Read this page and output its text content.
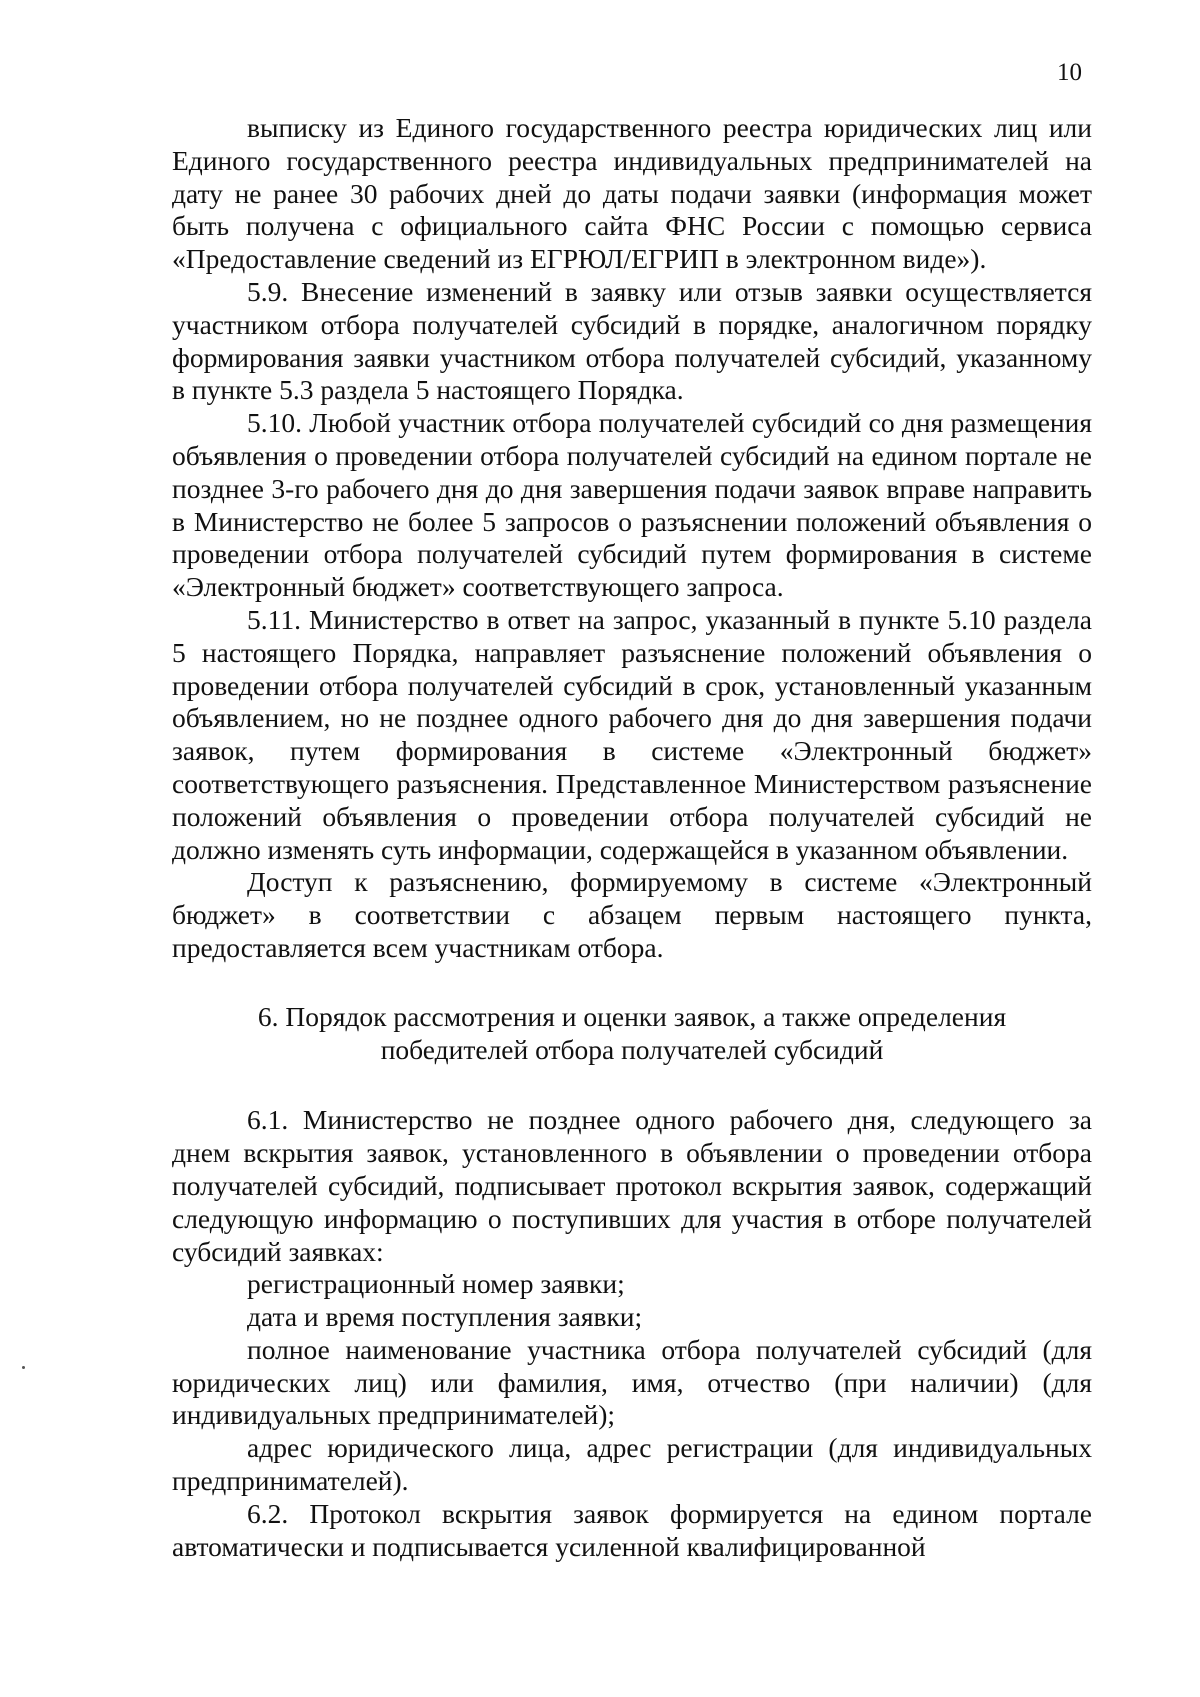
10

выписку из Единого государственного реестра юридических лиц или Единого государственного реестра индивидуальных предпринимателей на дату не ранее 30 рабочих дней до даты подачи заявки (информация может быть получена с официального сайта ФНС России с помощью сервиса «Предоставление сведений из ЕГРЮЛ/ЕГРИП в электронном виде»).

5.9. Внесение изменений в заявку или отзыв заявки осуществляется участником отбора получателей субсидий в порядке, аналогичном порядку формирования заявки участником отбора получателей субсидий, указанному в пункте 5.3 раздела 5 настоящего Порядка.

5.10. Любой участник отбора получателей субсидий со дня размещения объявления о проведении отбора получателей субсидий на едином портале не позднее 3-го рабочего дня до дня завершения подачи заявок вправе направить в Министерство не более 5 запросов о разъяснении положений объявления о проведении отбора получателей субсидий путем формирования в системе «Электронный бюджет» соответствующего запроса.

5.11. Министерство в ответ на запрос, указанный в пункте 5.10 раздела 5 настоящего Порядка, направляет разъяснение положений объявления о проведении отбора получателей субсидий в срок, установленный указанным объявлением, но не позднее одного рабочего дня до дня завершения подачи заявок, путем формирования в системе «Электронный бюджет» соответствующего разъяснения. Представленное Министерством разъяснение положений объявления о проведении отбора получателей субсидий не должно изменять суть информации, содержащейся в указанном объявлении.

Доступ к разъяснению, формируемому в системе «Электронный бюджет» в соответствии с абзацем первым настоящего пункта, предоставляется всем участникам отбора.

6. Порядок рассмотрения и оценки заявок, а также определения
победителей отбора получателей субсидий

6.1. Министерство не позднее одного рабочего дня, следующего за днем вскрытия заявок, установленного в объявлении о проведении отбора получателей субсидий, подписывает протокол вскрытия заявок, содержащий следующую информацию о поступивших для участия в отборе получателей субсидий заявках:

регистрационный номер заявки;

дата и время поступления заявки;

полное наименование участника отбора получателей субсидий (для юридических лиц) или фамилия, имя, отчество (при наличии) (для индивидуальных предпринимателей);

адрес юридического лица, адрес регистрации (для индивидуальных предпринимателей).

6.2. Протокол вскрытия заявок формируется на едином портале автоматически и подписывается усиленной квалифицированной
